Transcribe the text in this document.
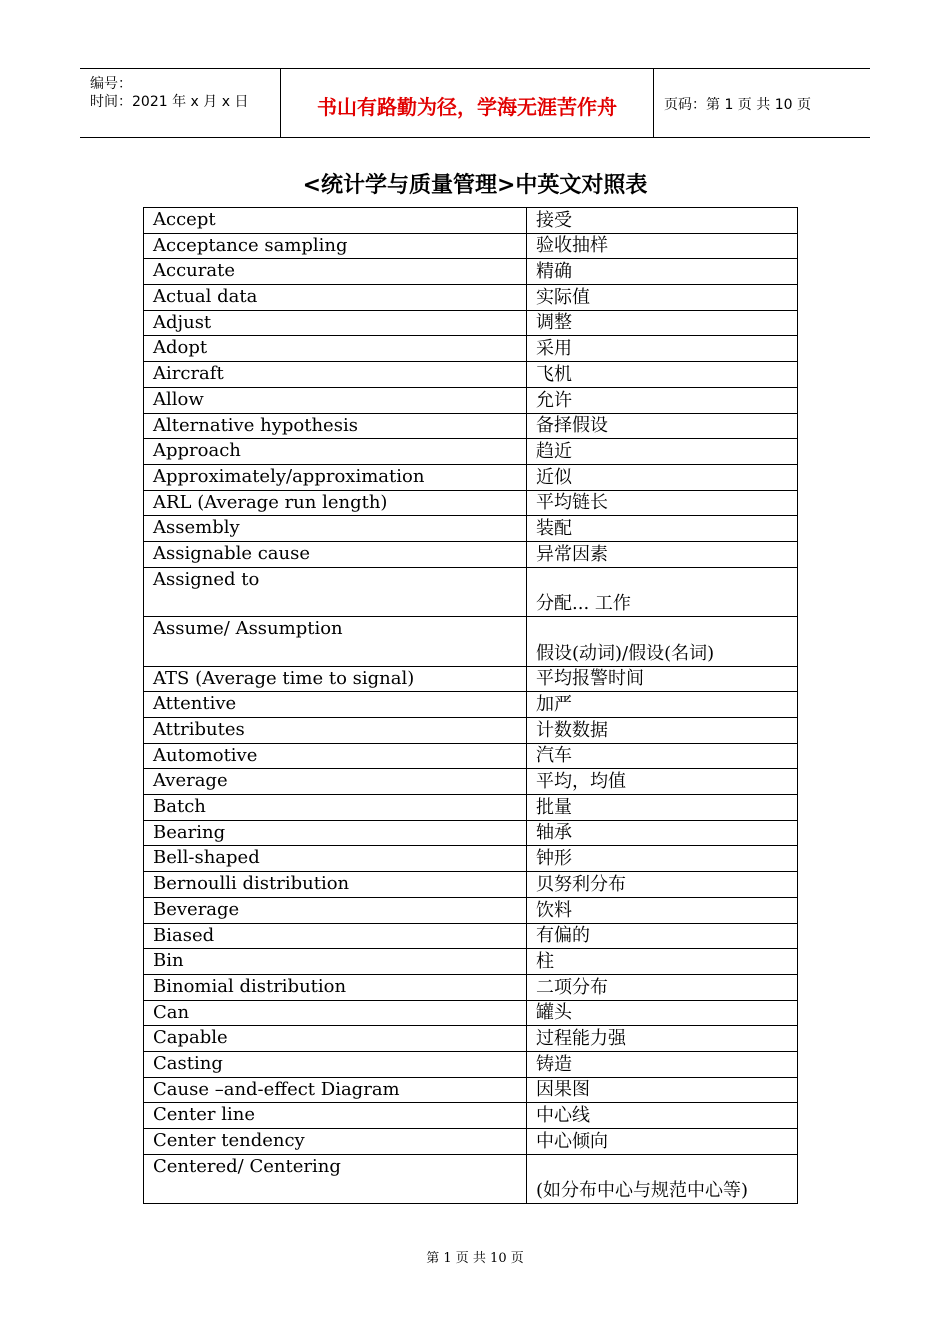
编号：
时间：2021 年 x 月 x 日	书山有路勤为径，学海无涯苦作舟	页码：第 1 页 共 10 页
<统计学与质量管理>中英文对照表
Accept	接受
Acceptance sampling	验收抽样
Accurate	精确
Actual data	实际值
Adjust	调整
Adopt	采用
Aircraft	飞机
Allow	允许
Alternative hypothesis	备择假设
Approach	趋近
Approximately/approximation	近似
ARL (Average run length)	平均链长
Assembly	装配
Assignable cause	异常因素
Assigned to	分配... 工作
Assume/ Assumption	假设(动词)/假设(名词)
ATS (Average time to signal)	平均报警时间
Attentive	加严
Attributes	计数数据
Automotive	汽车
Average	平均，均值
Batch	批量
Bearing	轴承
Bell-shaped	钟形
Bernoulli distribution	贝努利分布
Beverage	饮料
Biased	有偏的
Bin	柱
Binomial distribution	二项分布
Can	罐头
Capable	过程能力强
Casting	铸造
Cause –and-effect Diagram	因果图
Center line	中心线
Center tendency	中心倾向
Centered/ Centering	(如分布中心与规范中心等)
第 1 页 共 10 页
